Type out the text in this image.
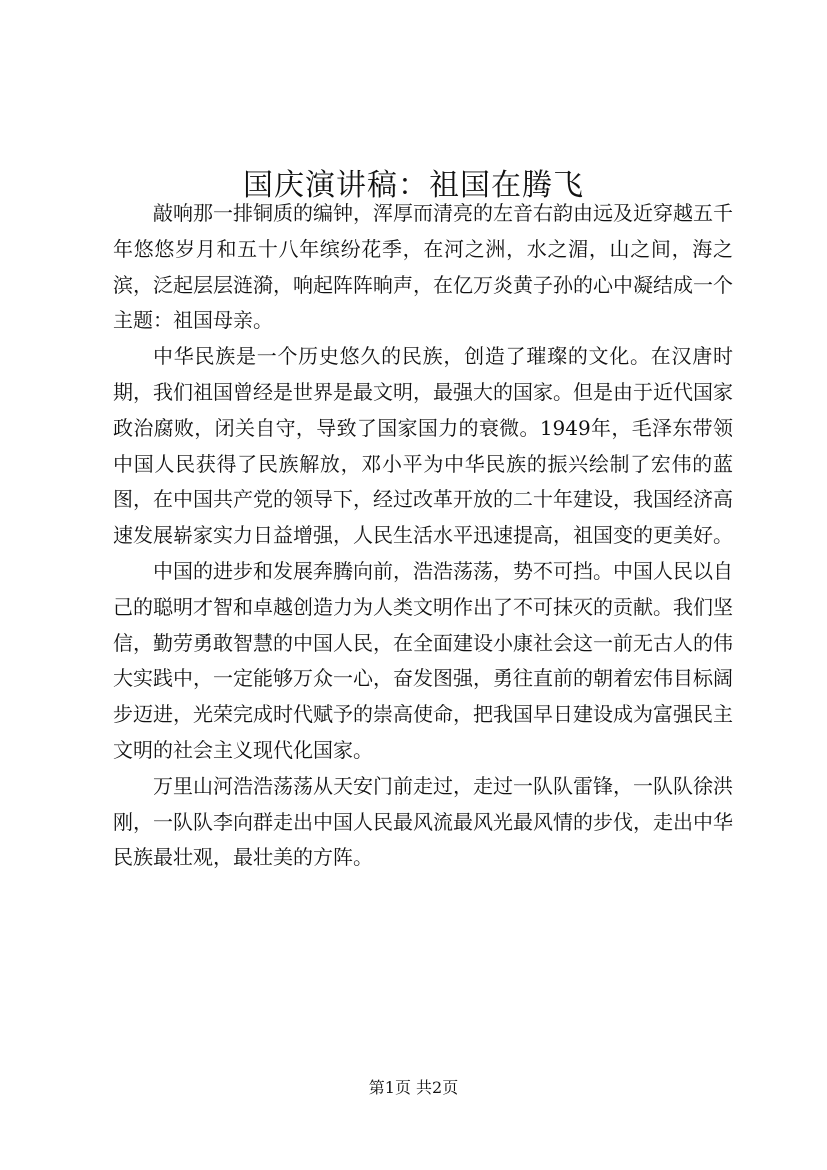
国庆演讲稿：祖国在腾飞

敲响那一排铜质的编钟，浑厚而清亮的左音右韵由远及近穿越五千年悠悠岁月和五十八年缤纷花季，在河之洲，水之湄，山之间，海之滨，泛起层层涟漪，响起阵阵晌声，在亿万炎黄子孙的心中凝结成一个主题：祖国母亲。

中华民族是一个历史悠久的民族，创造了璀璨的文化。在汉唐时期，我们祖国曾经是世界是最文明，最强大的国家。但是由于近代国家政治腐败，闭关自守，导致了国家国力的衰微。1949年，毛泽东带领中国人民获得了民族解放，邓小平为中华民族的振兴绘制了宏伟的蓝图，在中国共产党的领导下，经过改革开放的二十年建设，我国经济高速发展崭家实力日益增强，人民生活水平迅速提高，祖国变的更美好。

中国的进步和发展奔腾向前，浩浩荡荡，势不可挡。中国人民以自己的聪明才智和卓越创造力为人类文明作出了不可抹灭的贡献。我们坚信，勤劳勇敢智慧的中国人民，在全面建设小康社会这一前无古人的伟大实践中，一定能够万众一心，奋发图强，勇往直前的朝着宏伟目标阔步迈进，光荣完成时代赋予的崇高使命，把我国早日建设成为富强民主文明的社会主义现代化国家。

万里山河浩浩荡荡从天安门前走过，走过一队队雷锋，一队队徐洪刚，一队队李向群走出中国人民最风流最风光最风情的步伐，走出中华民族最壮观，最壮美的方阵。

第1页 共2页
